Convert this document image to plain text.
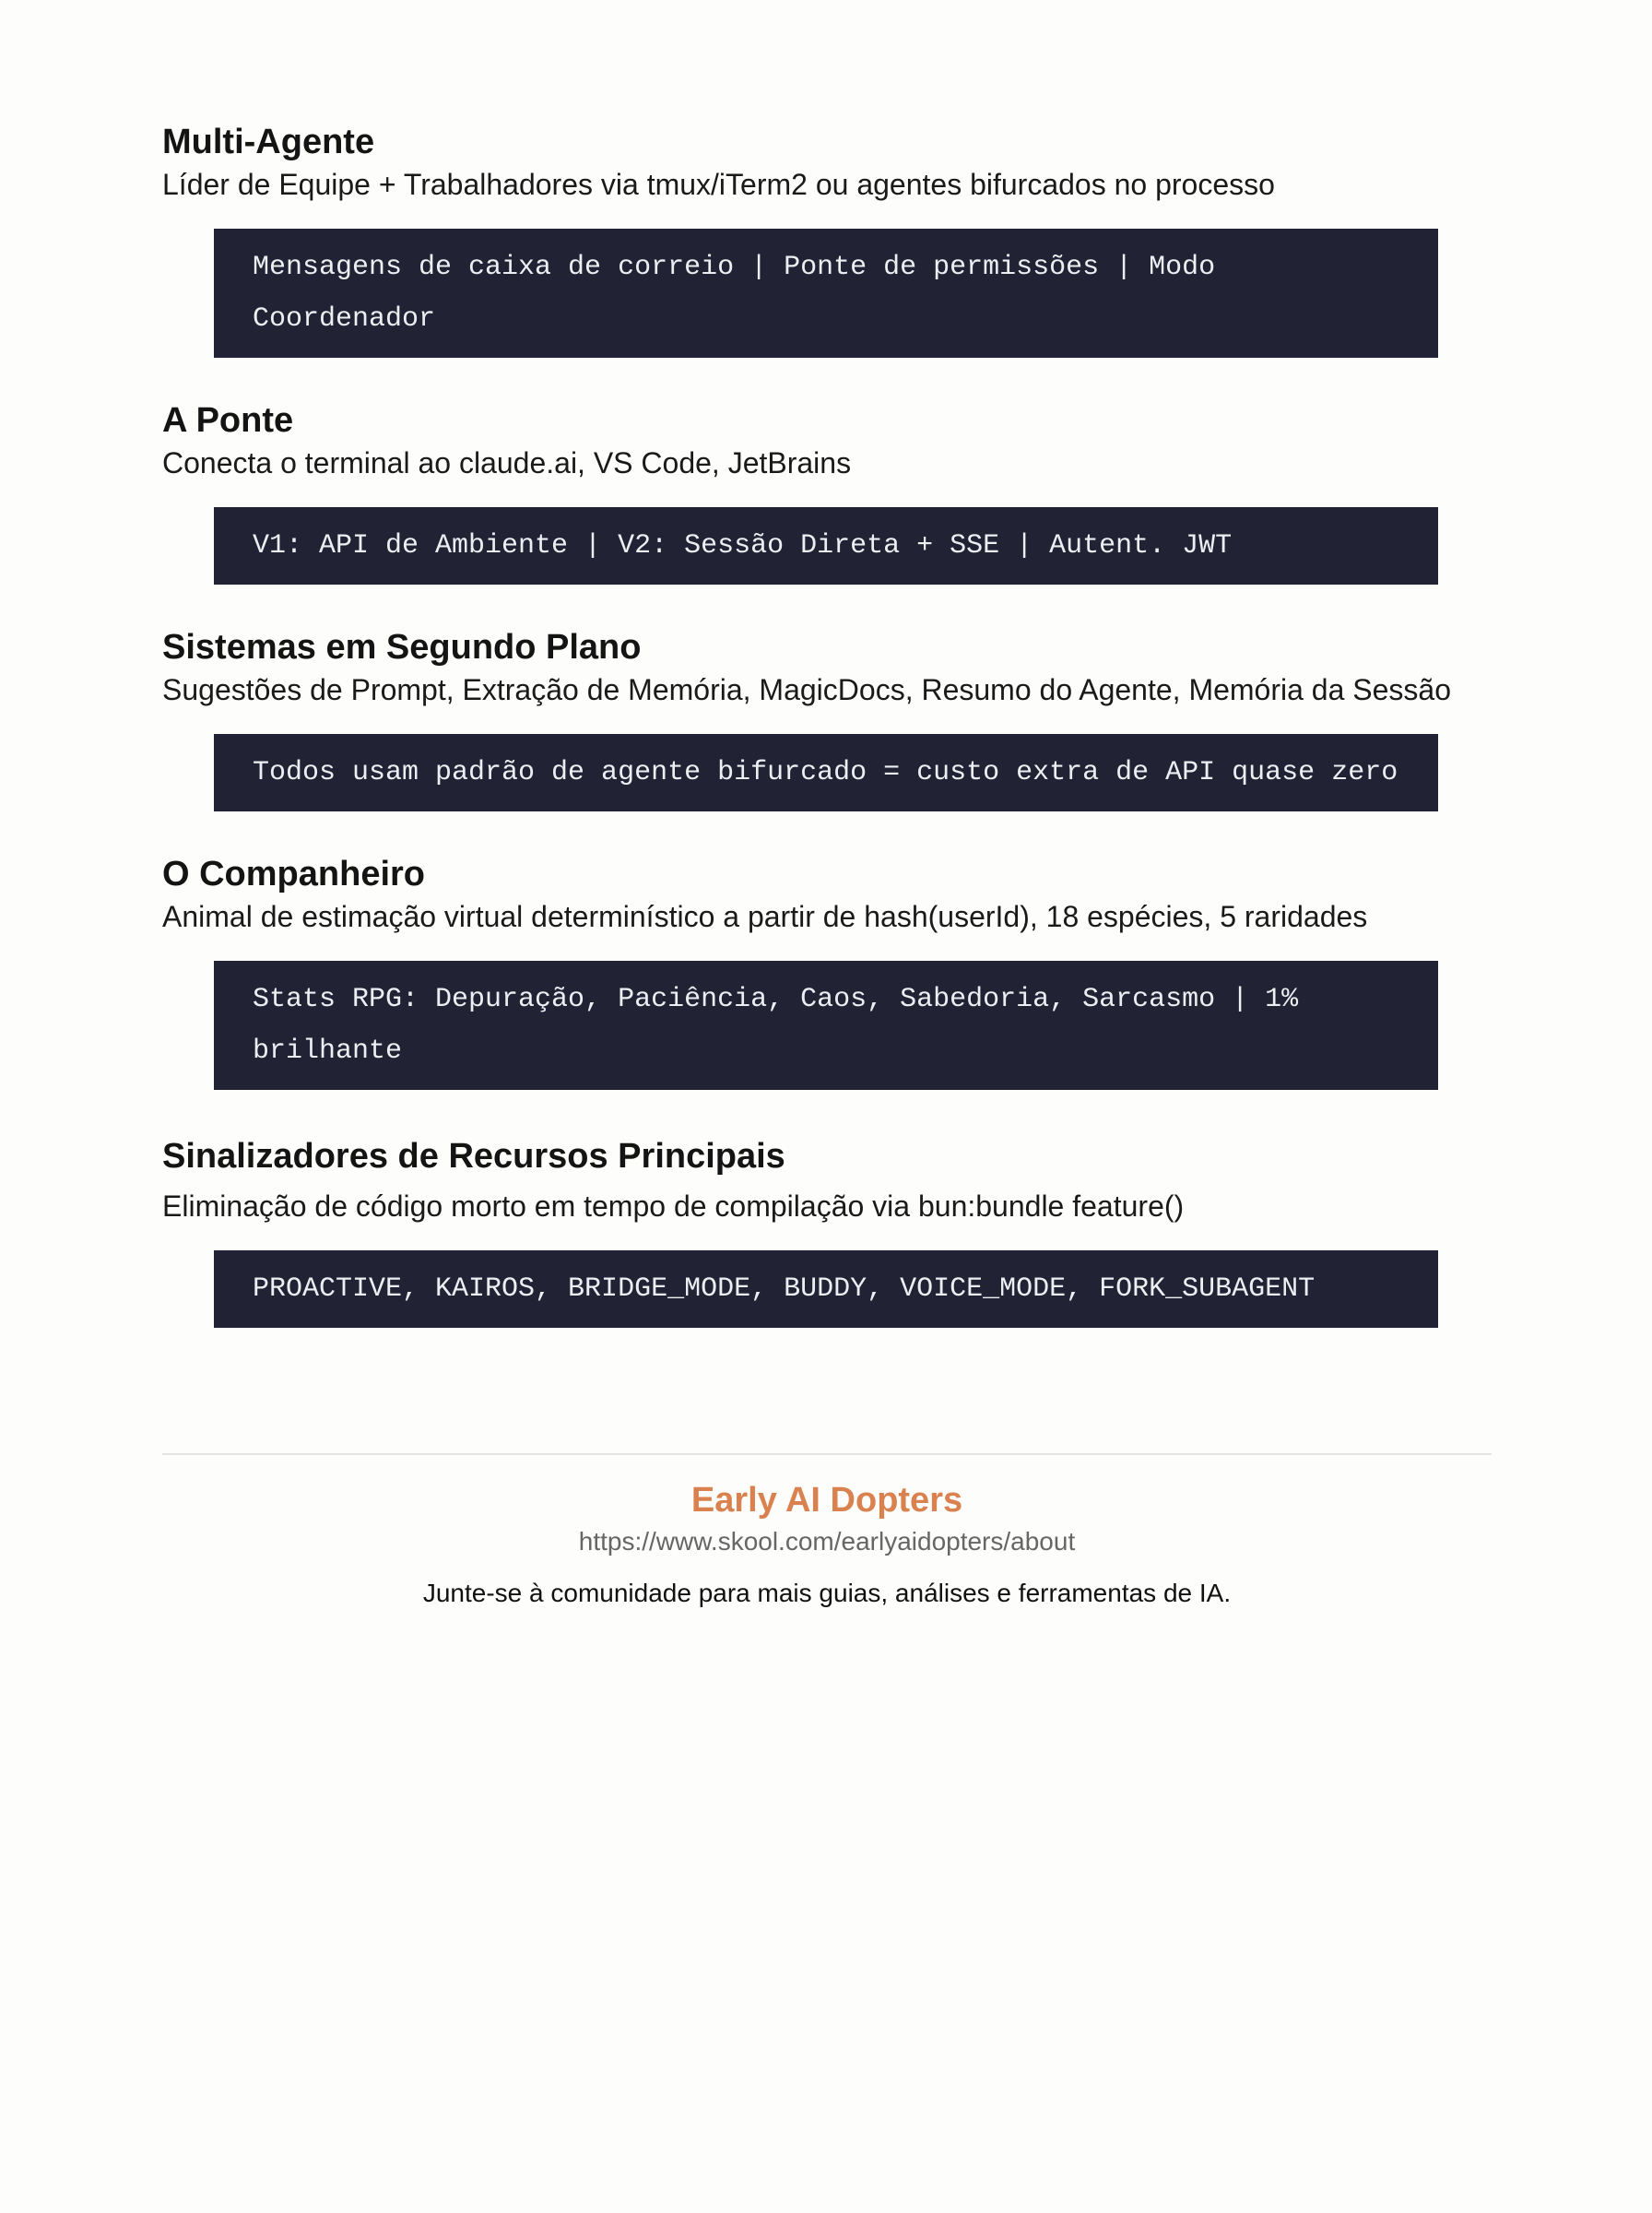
Multi-Agente

Líder de Equipe + Trabalhadores via tmux/iTerm2 ou agentes bifurcados no processo

Mensagens de caixa de correio | Ponte de permissões | Modo Coordenador
A Ponte

Conecta o terminal ao claude.ai, VS Code, JetBrains

V1: API de Ambiente | V2: Sessão Direta + SSE | Autent. JWT
Sistemas em Segundo Plano

Sugestões de Prompt, Extração de Memória, MagicDocs, Resumo do Agente, Memória da Sessão

Todos usam padrão de agente bifurcado = custo extra de API quase zero
O Companheiro

Animal de estimação virtual determinístico a partir de hash(userId), 18 espécies, 5 raridades

Stats RPG: Depuração, Paciência, Caos, Sabedoria, Sarcasmo | 1% brilhante
Sinalizadores de Recursos Principais

Eliminação de código morto em tempo de compilação via bun:bundle feature()

PROACTIVE, KAIROS, BRIDGE_MODE, BUDDY, VOICE_MODE, FORK_SUBAGENT

Early AI Dopters

https://www.skool.com/earlyaidopters/about

Junte-se à comunidade para mais guias, análises e ferramentas de IA.
